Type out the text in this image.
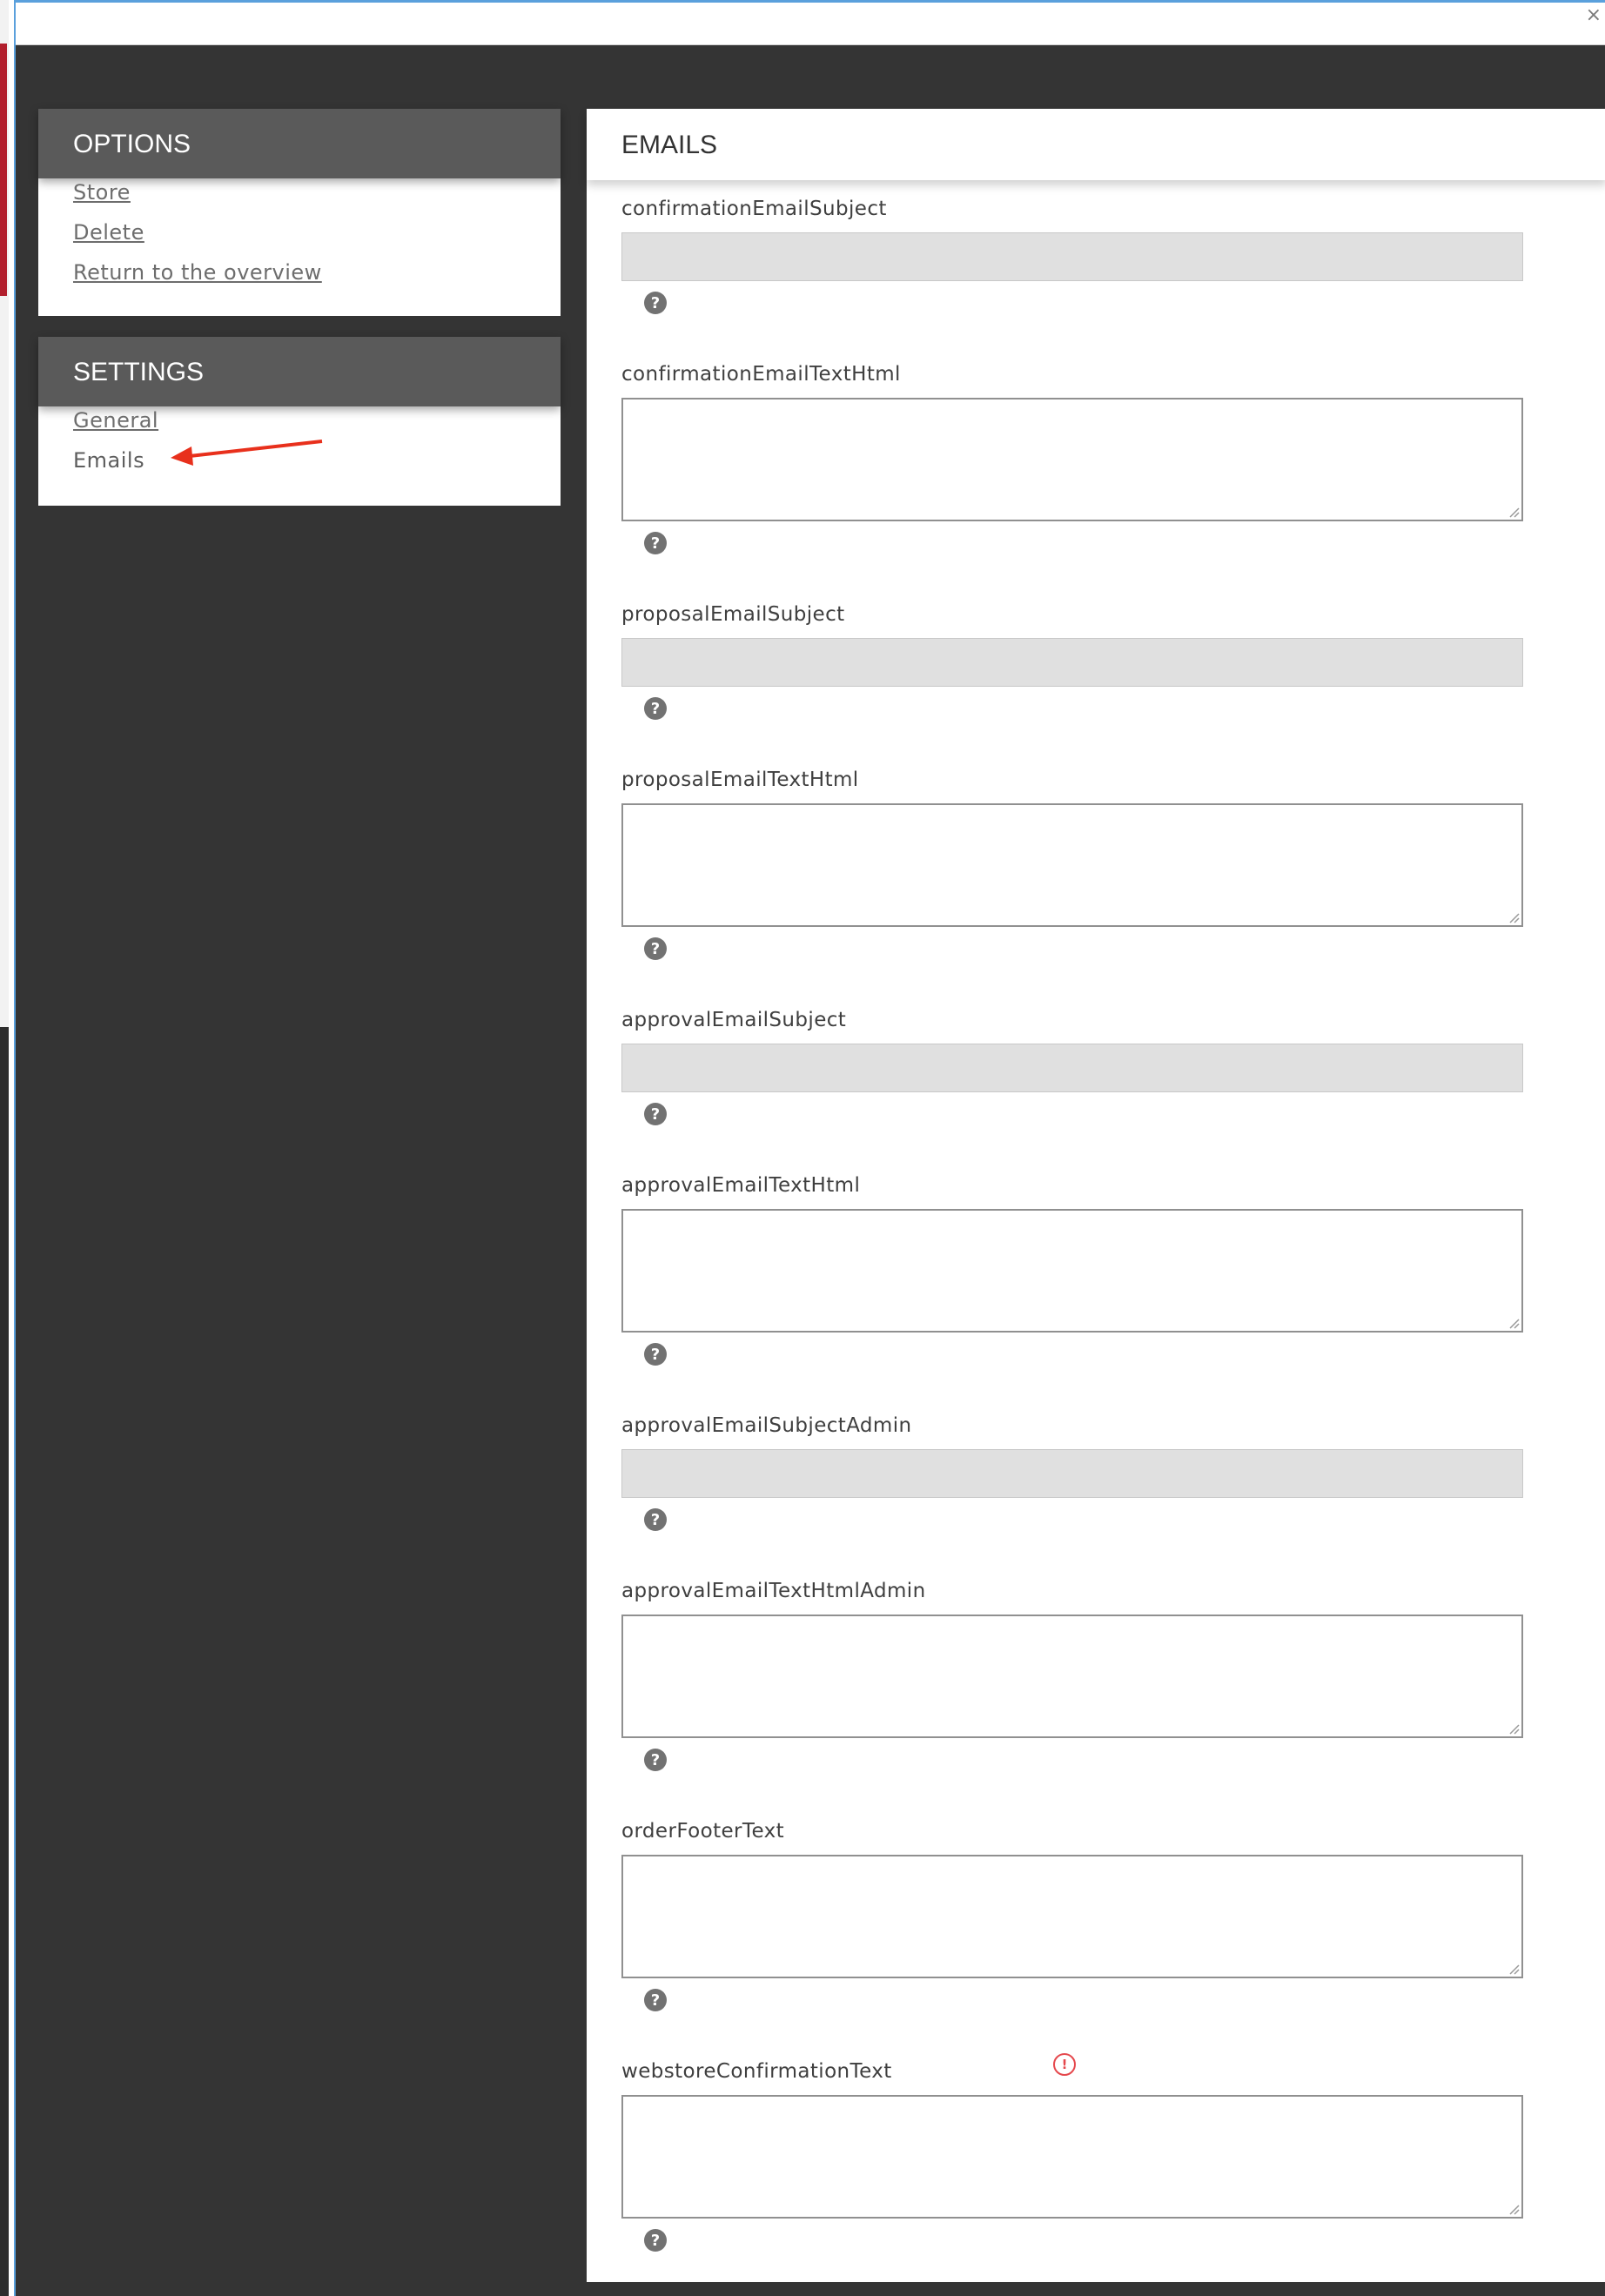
×
OPTIONS
Store
Delete
Return to the overview
SETTINGS
General
Emails
EMAILS
confirmationEmailSubject
?
confirmationEmailTextHtml
?
proposalEmailSubject
?
proposalEmailTextHtml
?
approvalEmailSubject
?
approvalEmailTextHtml
?
approvalEmailSubjectAdmin
?
approvalEmailTextHtmlAdmin
?
orderFooterText
?
webstoreConfirmationText
?
!
